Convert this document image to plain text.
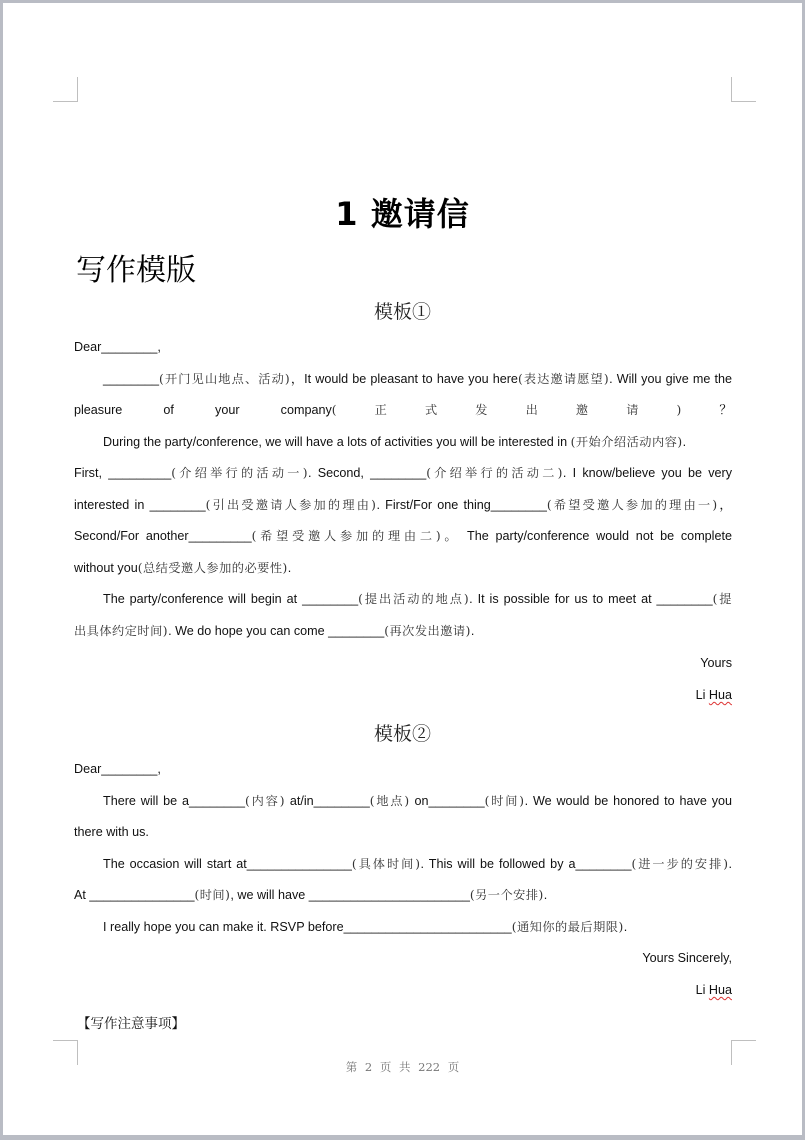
1 邀请信
写作模版
模板①
Dear________,
________(开门见山地点、活动)，It would be pleasant to have you here(表达邀请愿望). Will you give me the
pleasure of your company(正式发出邀请)？
During the party/conference, we will have a lots of activities you will be interested in (开始介绍活动内容).
First, _________(介绍举行的活动一). Second, ________(介绍举行的活动二). I know/believe you be very
interested in ________(引出受邀请人参加的理由). First/For one thing________(希望受邀人参加的理由一)，
Second/For another_________(希望受邀人参加的理由二)。 The party/conference would not be complete
without you(总结受邀人参加的必要性).
The party/conference will begin at ________(提出活动的地点). It is possible for us to meet at ________(提
出具体约定时间). We do hope you can come ________(再次发出邀请).
Yours
Li Hua
模板②
Dear________,
There will be a________(内容) at/in________(地点) on________(时间). We would be honored to have you
there with us.
The occasion will start at_______________(具体时间). This will be followed by a________(进一步的安排).
At _______________(时间), we will have _______________________(另一个安排).
I really hope you can make it. RSVP before________________________(通知你的最后期限).
Yours Sincerely,
Li Hua
【写作注意事项】
第 2 页 共 222 页
